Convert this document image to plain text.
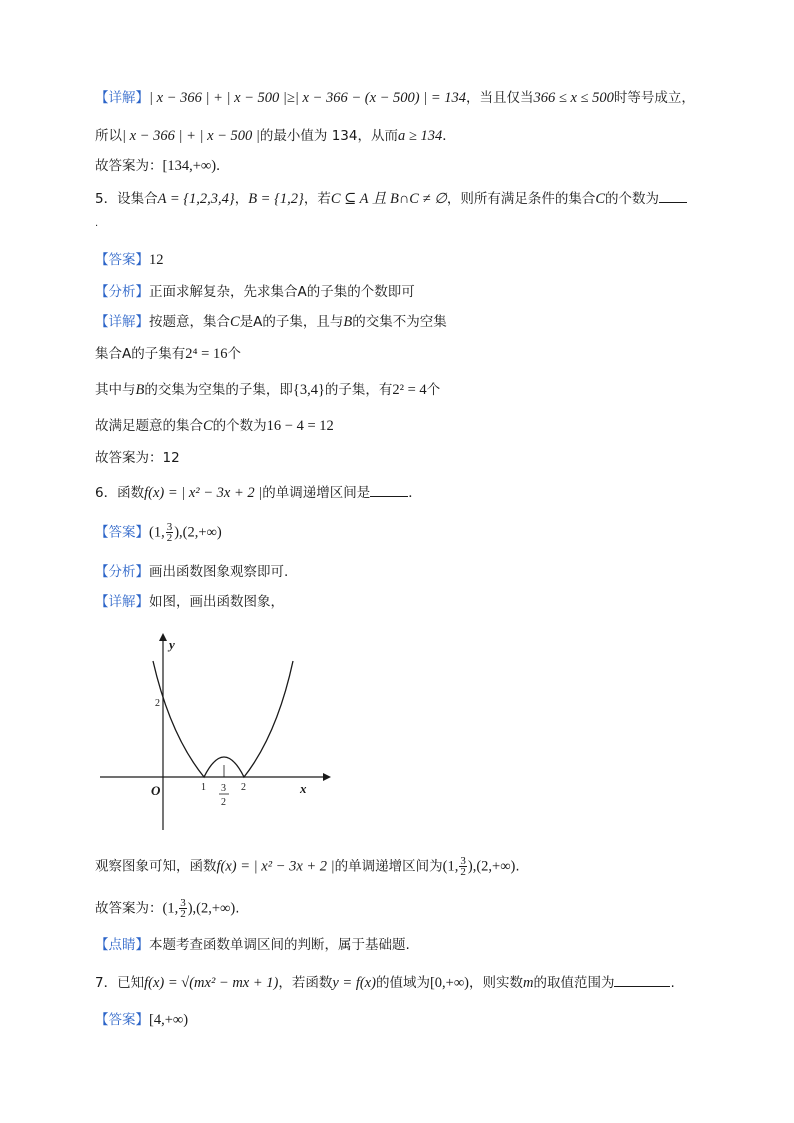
【详解】| x − 366 | + | x − 500 |≥| x − 366 − (x − 500) | = 134，当且仅当366 ≤ x ≤ 500时等号成立，
所以| x − 366 | + | x − 500 |的最小值为 134，从而a ≥ 134．
故答案为：[134,+∞)．
5．设集合A = {1,2,3,4}，B = {1,2}，若C ⊆ A 且 B∩C ≠ ∅，则所有满足条件的集合C的个数为
.
【答案】12
【分析】正面求解复杂，先求集合A的子集的个数即可
【详解】按题意，集合C是A的子集，且与B的交集不为空集
集合A的子集有2⁴ = 16个
其中与B的交集为空集的子集，即{3,4}的子集，有2² = 4个
故满足题意的集合C的个数为16 − 4 = 12
故答案为：12
6．函数f(x) = | x² − 3x + 2 |的单调递增区间是	．
【答案】(1, $\frac{3}{2} ),(2,+\infty)$
【分析】画出函数图象观察即可.
【详解】如图，画出函数图象，
y
x
O
2
1	2
3
2
观察图象可知，函数f(x) = | x² − 3x + 2 |的单调递增区间为(1, $\frac{3}{2} ),(2,+\infty)$.
故答案为：(1, $\frac{3}{2} ),(2,+\infty)$.
【点睛】本题考查函数单调区间的判断，属于基础题.
7．已知f(x) = √(mx² − mx + 1)，若函数y = f(x)的值域为[0,+∞)，则实数m的取值范围为	.
【答案】[4,+∞)
